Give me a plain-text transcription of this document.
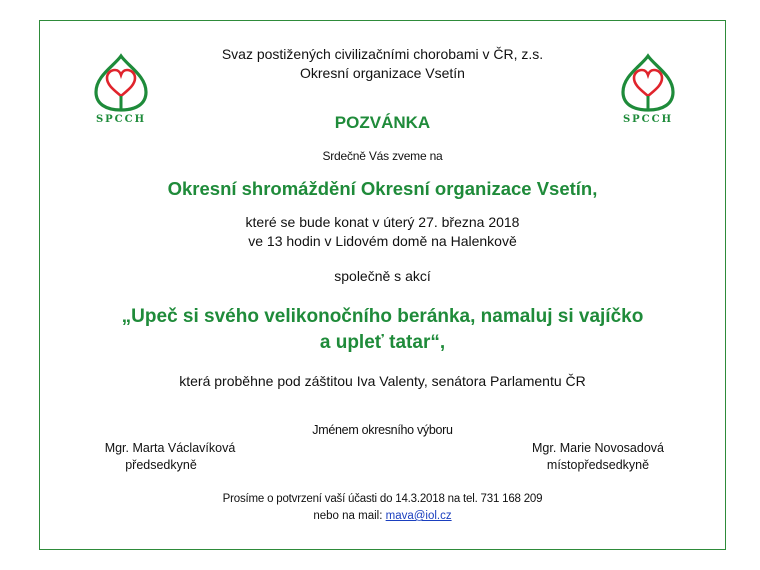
SPCCH	SPCCH
Svaz postižených civilizačními chorobami v ČR, z.s.
Okresní organizace Vsetín
POZVÁNKA
Srdečně Vás zveme na
Okresní shromáždění Okresní organizace Vsetín,
které se bude konat v úterý 27. března 2018
ve 13 hodin v Lidovém domě na Halenkově
společně s akcí
„Upeč si svého velikonočního beránka, namaluj si vajíčko
a upleť tatar“,
která proběhne pod záštitou Iva Valenty, senátora Parlamentu ČR
Jménem okresního výboru
Mgr. Marta Václavíková
předsedkyně
Mgr. Marie Novosadová
místopředsedkyně
Prosíme o potvrzení vaší účasti do 14.3.2018 na tel. 731 168 209
nebo na mail: mava@iol.cz
